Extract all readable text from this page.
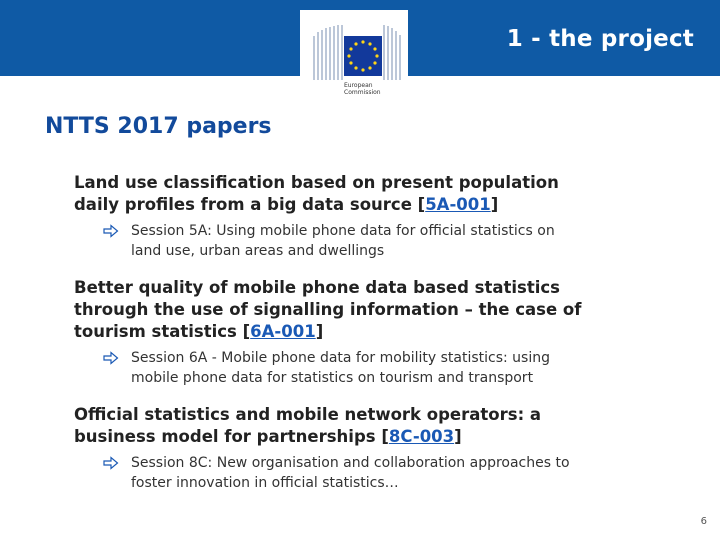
1 - the project
European
Commission
NTTS 2017 papers
Land use classification based on present population
daily profiles from a big data source [5A-001]
Session 5A: Using mobile phone data for official statistics on
land use, urban areas and dwellings
Better quality of mobile phone data based statistics
through the use of signalling information – the case of
tourism statistics [6A-001]
Session 6A - Mobile phone data for mobility statistics: using
mobile phone data for statistics on tourism and transport
Official statistics and mobile network operators: a
business model for partnerships [8C-003]
Session 8C: New organisation and collaboration approaches to
foster innovation in official statistics…
6
